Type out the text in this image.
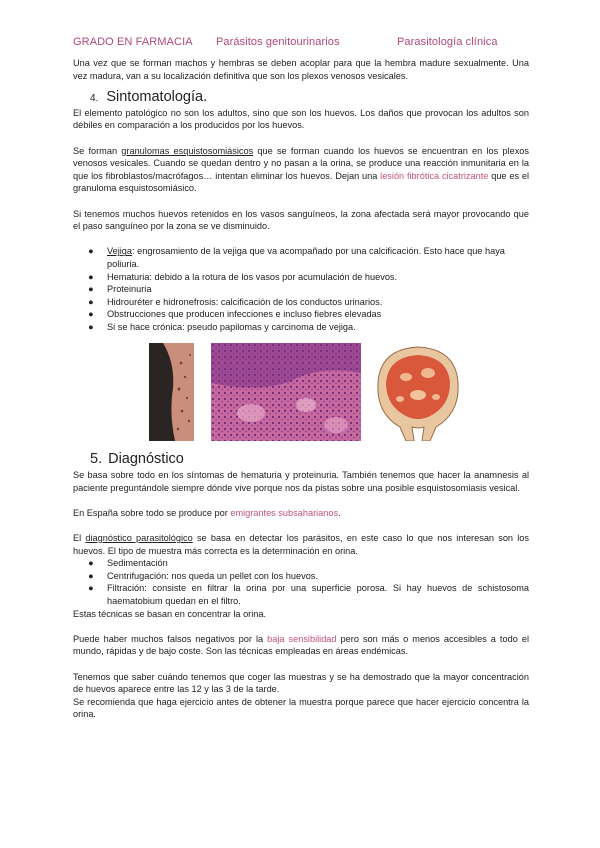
GRADO EN FARMACIA Parásitos genitourinarios	Parasitología clínica

Una vez que se forman machos y hembras se deben acoplar para que la hembra madure sexualmente. Una vez madura, van a su localización definitiva que son los plexos venosos vesicales.

4. Sintomatología.

El elemento patológico no son los adultos, sino que son los huevos. Los daños que provocan los adultos son débiles en comparación a los producidos por los huevos.

Se forman granulomas esquistosomiásicos que se forman cuando los huevos se encuentran en los plexos venosos vesicales. Cuando se quedan dentro y no pasan a la orina, se produce una reacción inmunitaria en la que los fibroblastos/macrófagos… intentan eliminar los huevos. Dejan una lesión fibrótica cicatrizante que es el granuloma esquistosomiásico.

Si tenemos muchos huevos retenidos en los vasos sanguíneos, la zona afectada será mayor provocando que el paso sanguíneo por la zona se ve disminuido.

● Vejiga: engrosamiento de la vejiga que va acompañado por una calcificación. Esto hace que haya poliuria.
● Hematuria: debido a la rotura de los vasos por acumulación de huevos.
● Proteinuria
● Hidrouréter e hidronefrosis: calcificación de los conductos urinarios.
● Obstrucciones que producen infecciones e incluso fiebres elevadas
● Si se hace crónica: pseudo papilomas y carcinoma de vejiga.
5. Diagnóstico

Se basa sobre todo en los síntomas de hematuria y proteinuria. También tenemos que hacer la anamnesis al paciente preguntándole siempre dónde vive porque nos da pistas sobre una posible esquistosomiasis vesical.

En España sobre todo se produce por emigrantes subsaharianos.

El diagnóstico parasitológico se basa en detectar los parásitos, en este caso lo que nos interesan son los huevos. El tipo de muestra más correcta es la determinación en orina.

● Sedimentación
● Centrifugación: nos queda un pellet con los huevos.
● Filtración: consiste en filtrar la orina por una superficie porosa. Si hay huevos de schistosoma haematobium quedan en el filtro.

Estas técnicas se basan en concentrar la orina.

Puede haber muchos falsos negativos por la baja sensibilidad pero son más o menos accesibles a todo el mundo, rápidas y de bajo coste. Son las técnicas empleadas en áreas endémicas.

Tenemos que saber cuándo tenemos que coger las muestras y se ha demostrado que la mayor concentración de huevos aparece entre las 12 y las 3 de la tarde.

Se recomienda que haga ejercicio antes de obtener la muestra porque parece que hacer ejercicio concentra la orina.
